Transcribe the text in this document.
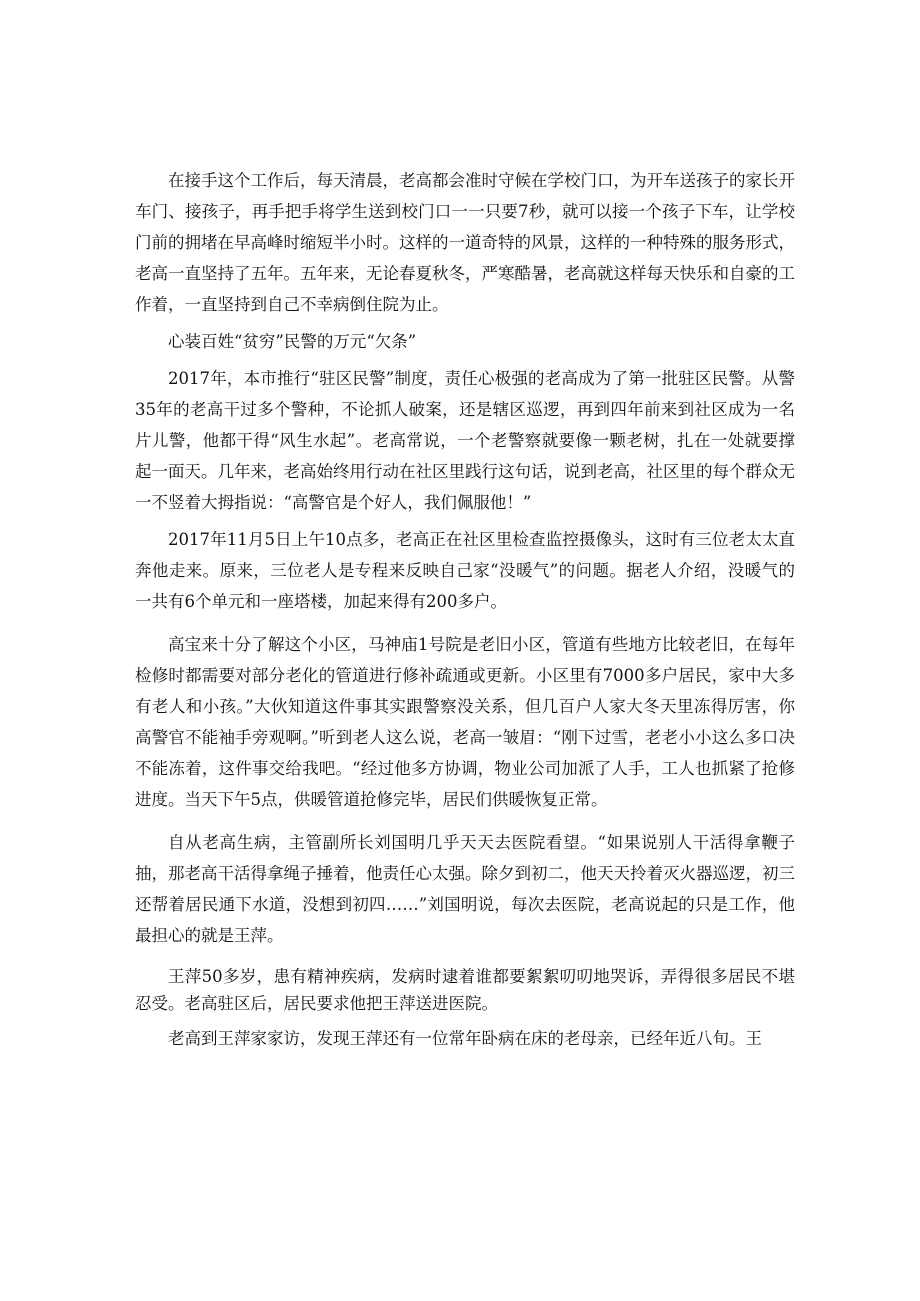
在接手这个工作后，每天清晨，老高都会准时守候在学校门口，为开车送孩子的家长开车门、接孩子，再手把手将学生送到校门口一一只要7秒，就可以接一个孩子下车，让学校门前的拥堵在早高峰时缩短半小时。这样的一道奇特的风景，这样的一种特殊的服务形式，老高一直坚持了五年。五年来，无论春夏秋冬，严寒酷暑，老高就这样每天快乐和自豪的工作着，一直坚持到自己不幸病倒住院为止。

心装百姓“贫穷”民警的万元“欠条”

2017年，本市推行“驻区民警”制度，责任心极强的老高成为了第一批驻区民警。从警35年的老高干过多个警种，不论抓人破案，还是辖区巡逻，再到四年前来到社区成为一名片儿警，他都干得“风生水起”。老高常说，一个老警察就要像一颗老树，扎在一处就要撑起一面天。几年来，老高始终用行动在社区里践行这句话，说到老高，社区里的每个群众无一不竖着大拇指说：“高警官是个好人，我们佩服他！”

2017年11月5日上午10点多，老高正在社区里检查监控摄像头，这时有三位老太太直奔他走来。原来，三位老人是专程来反映自己家“没暖气”的问题。据老人介绍，没暖气的一共有6个单元和一座塔楼，加起来得有200多户。

高宝来十分了解这个小区，马神庙1号院是老旧小区，管道有些地方比较老旧，在每年检修时都需要对部分老化的管道进行修补疏通或更新。小区里有7000多户居民，家中大多有老人和小孩。”大伙知道这件事其实跟警察没关系，但几百户人家大冬天里冻得厉害，你高警官不能袖手旁观啊。”听到老人这么说，老高一皱眉：“刚下过雪，老老小小这么多口决不能冻着，这件事交给我吧。“经过他多方协调，物业公司加派了人手，工人也抓紧了抢修进度。当天下午5点，供暖管道抢修完毕，居民们供暖恢复正常。

自从老高生病，主管副所长刘国明几乎天天去医院看望。“如果说别人干活得拿鞭子抽，那老高干活得拿绳子捶着，他责任心太强。除夕到初二，他天天拎着灭火器巡逻，初三还帮着居民通下水道，没想到初四……”刘国明说，每次去医院，老高说起的只是工作，他最担心的就是王萍。

王萍50多岁，患有精神疾病，发病时逮着谁都要絮絮叨叨地哭诉，弄得很多居民不堪忍受。老高驻区后，居民要求他把王萍送进医院。

老高到王萍家家访，发现王萍还有一位常年卧病在床的老母亲，已经年近八旬。王
